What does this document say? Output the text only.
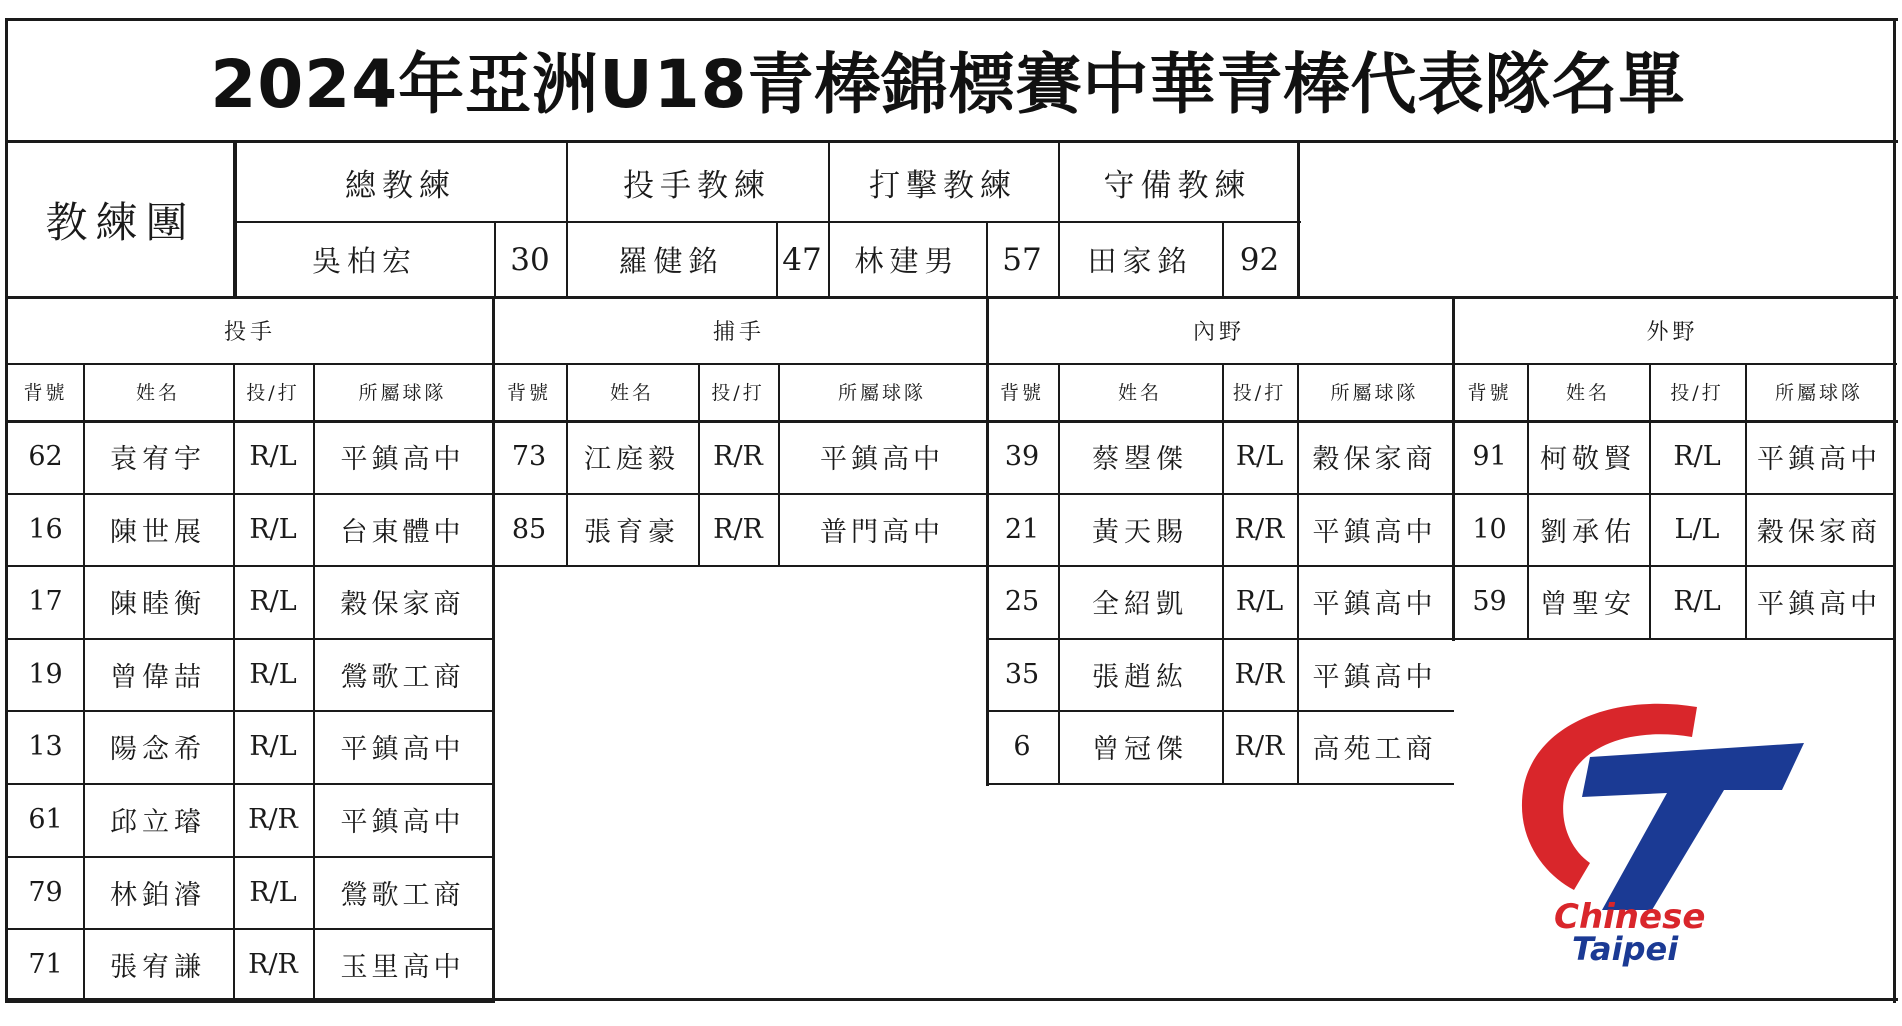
2024年亞洲U18青棒錦標賽中華青棒代表隊名單
教練團
總教練
吳柏宏	30
投手教練
羅健銘	47
打擊教練
林建男	57
守備教練
田家銘	92
投手
背號	姓名	投/打	所屬球隊
62	袁宥宇	R/L	平鎮高中
16	陳世展	R/L	台東體中
17	陳睦衡	R/L	穀保家商
19	曾偉喆	R/L	鶯歌工商
13	陽念希	R/L	平鎮高中
61	邱立璿	R/R	平鎮高中
79	林鉑濬	R/L	鶯歌工商
71	張宥謙	R/R	玉里高中
捕手
背號	姓名	投/打	所屬球隊
73	江庭毅	R/R	平鎮高中
85	張育豪	R/R	普門高中
內野
背號	姓名	投/打	所屬球隊
39	蔡曌傑	R/L	穀保家商
21	黃天賜	R/R	平鎮高中
25	全紹凱	R/L	平鎮高中
35	張趙紘	R/R	平鎮高中
6	曾冠傑	R/R	高苑工商
外野
背號	姓名	投/打	所屬球隊
91	柯敬賢	R/L	平鎮高中
10	劉承佑	L/L	穀保家商
59	曾聖安	R/L	平鎮高中
Chinese
Taipei
